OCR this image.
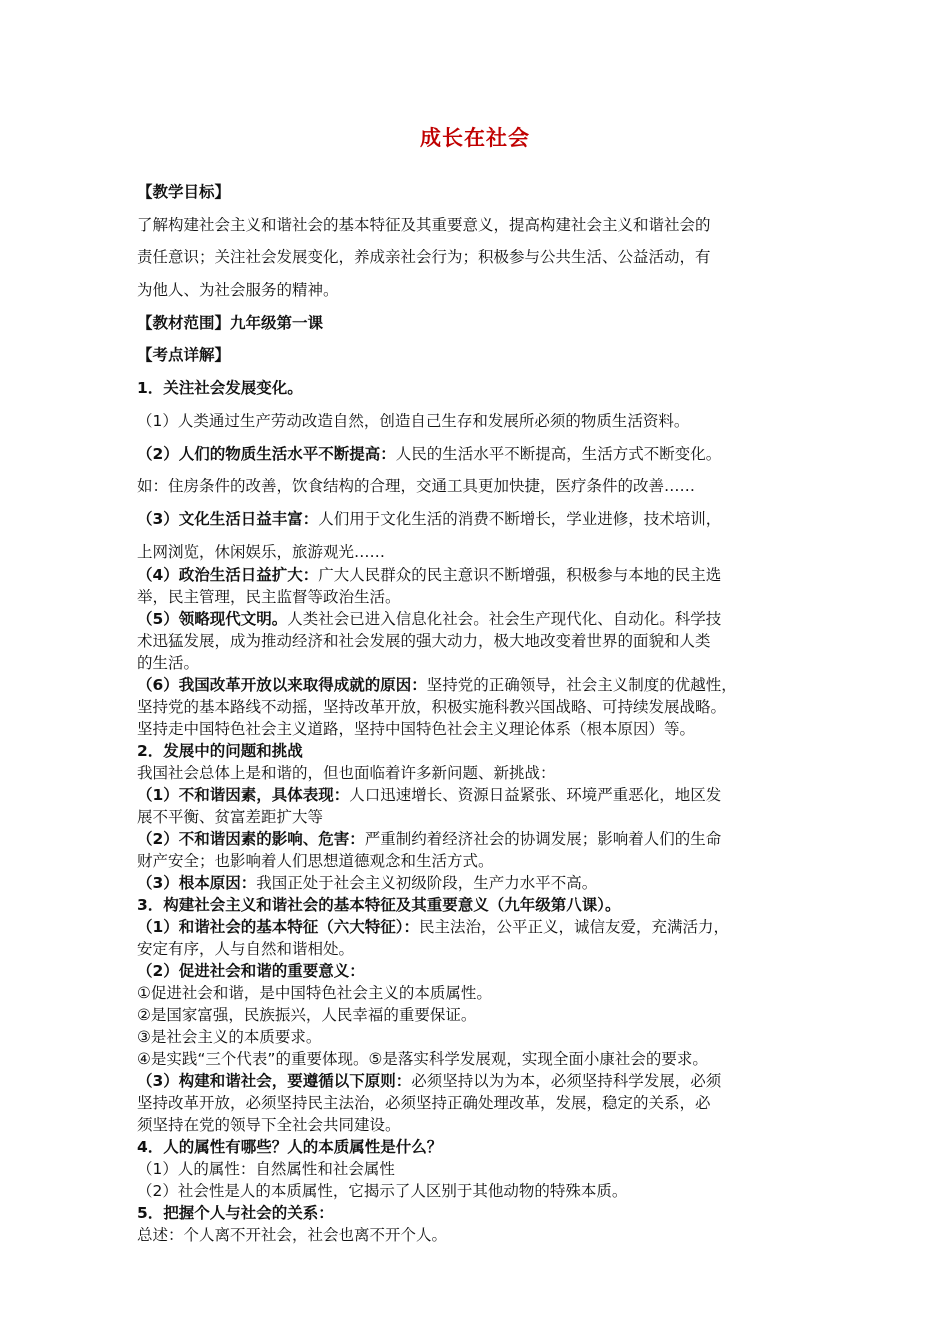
成长在社会
【教学目标】
了解构建社会主义和谐社会的基本特征及其重要意义，提高构建社会主义和谐社会的
责任意识；关注社会发展变化，养成亲社会行为；积极参与公共生活、公益活动，有
为他人、为社会服务的精神。
【教材范围】九年级第一课
【考点详解】
1．关注社会发展变化。
（1）人类通过生产劳动改造自然，创造自己生存和发展所必须的物质生活资料。
（2）人们的物质生活水平不断提高：人民的生活水平不断提高，生活方式不断变化。
如：住房条件的改善，饮食结构的合理，交通工具更加快捷，医疗条件的改善……
（3）文化生活日益丰富：人们用于文化生活的消费不断增长，学业进修，技术培训，
上网浏览，休闲娱乐，旅游观光……
（4）政治生活日益扩大：广大人民群众的民主意识不断增强，积极参与本地的民主选
举，民主管理，民主监督等政治生活。
（5）领略现代文明。人类社会已进入信息化社会。社会生产现代化、自动化。科学技
术迅猛发展，成为推动经济和社会发展的强大动力，极大地改变着世界的面貌和人类
的生活。
（6）我国改革开放以来取得成就的原因：坚持党的正确领导，社会主义制度的优越性，
坚持党的基本路线不动摇，坚持改革开放，积极实施科教兴国战略、可持续发展战略。
坚持走中国特色社会主义道路，坚持中国特色社会主义理论体系（根本原因）等。
2．发展中的问题和挑战
我国社会总体上是和谐的，但也面临着许多新问题、新挑战：
（1）不和谐因素，具体表现：人口迅速增长、资源日益紧张、环境严重恶化，地区发
展不平衡、贫富差距扩大等
（2）不和谐因素的影响、危害：严重制约着经济社会的协调发展；影响着人们的生命
财产安全；也影响着人们思想道德观念和生活方式。
（3）根本原因：我国正处于社会主义初级阶段，生产力水平不高。
3．构建社会主义和谐社会的基本特征及其重要意义（九年级第八课）。
（1）和谐社会的基本特征（六大特征）：民主法治，公平正义，诚信友爱，充满活力，
安定有序，人与自然和谐相处。
（2）促进社会和谐的重要意义：
①促进社会和谐，是中国特色社会主义的本质属性。
②是国家富强，民族振兴，人民幸福的重要保证。
③是社会主义的本质要求。
④是实践“三个代表”的重要体现。⑤是落实科学发展观，实现全面小康社会的要求。
（3）构建和谐社会，要遵循以下原则：必须坚持以为为本，必须坚持科学发展，必须
坚持改革开放，必须坚持民主法治，必须坚持正确处理改革，发展，稳定的关系，必
须坚持在党的领导下全社会共同建设。
4．人的属性有哪些？人的本质属性是什么？
（1）人的属性：自然属性和社会属性
（2）社会性是人的本质属性，它揭示了人区别于其他动物的特殊本质。
5．把握个人与社会的关系：
总述：个人离不开社会，社会也离不开个人。
